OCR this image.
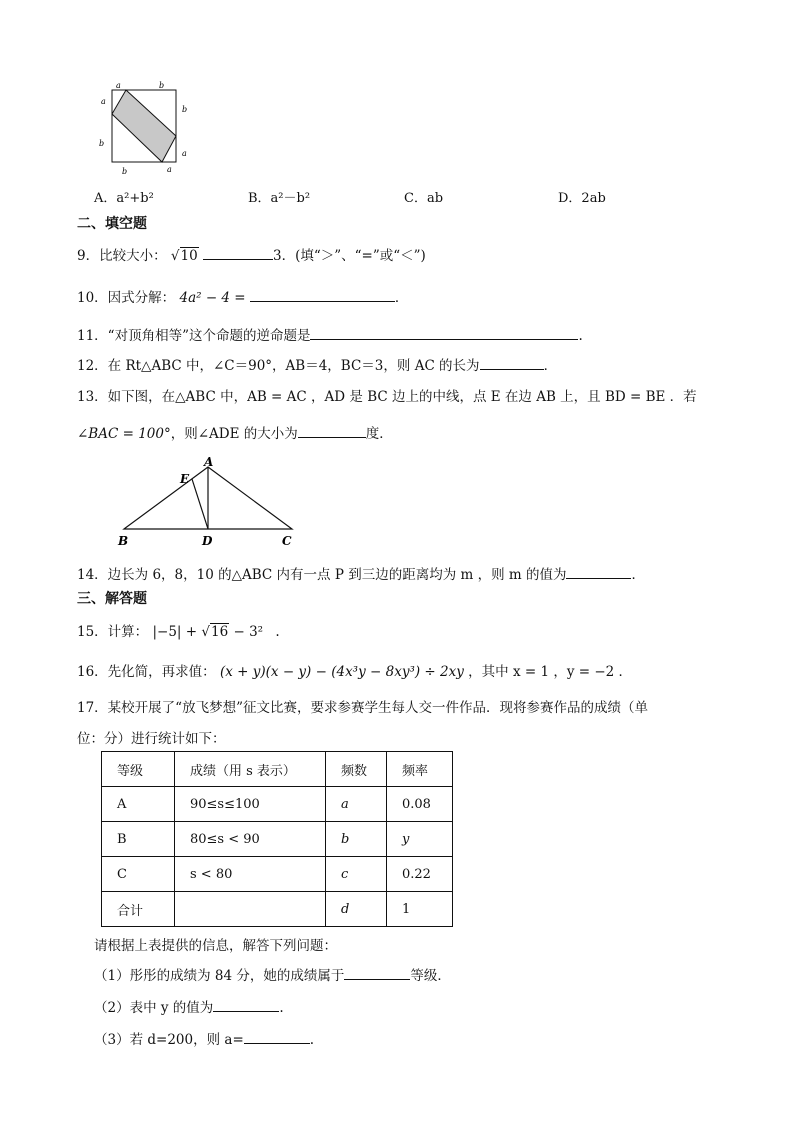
a	b
a
b
b
a
b	a
A．a²+b²	B．a²－b²	C．ab	D．2ab
二、填空题
9．比较大小： √10	3．(填“＞”、“=”或“＜”)
10．因式分解： 4a² − 4 =	．
11．“对顶角相等”这个命题的逆命题是	.
12．在 Rt△ABC 中，∠C＝90°，AB＝4，BC＝3，则 AC 的长为	．
13．如下图，在△ABC 中，AB = AC ，AD 是 BC 边上的中线，点 E 在边 AB 上，且 BD = BE ．若
∠BAC = 100°，则∠ADE 的大小为	度．
A
E
B	D	C
14．边长为 6，8，10 的△ABC 内有一点 P 到三边的距离均为 m ，则 m 的值为	．
三、解答题
15．计算： |−5| + √16 − 3² .
16．先化简，再求值： (x + y)(x − y) − (4x³y − 8xy³) ÷ 2xy ，其中 x = 1 ，y = −2 ．
17．某校开展了“放飞梦想”征文比赛，要求参赛学生每人交一件作品．现将参赛作品的成绩（单
位：分）进行统计如下：
等级	成绩（用 s 表示）	频数	频率
A	90≤s≤100	a	0.08
B	80≤s < 90	b	y
C	s < 80	c	0.22
合计		d	1
请根据上表提供的信息，解答下列问题：
（1）彤彤的成绩为 84 分，她的成绩属于	等级．
（2）表中 y 的值为	.
（3）若 d=200，则 a=	.
